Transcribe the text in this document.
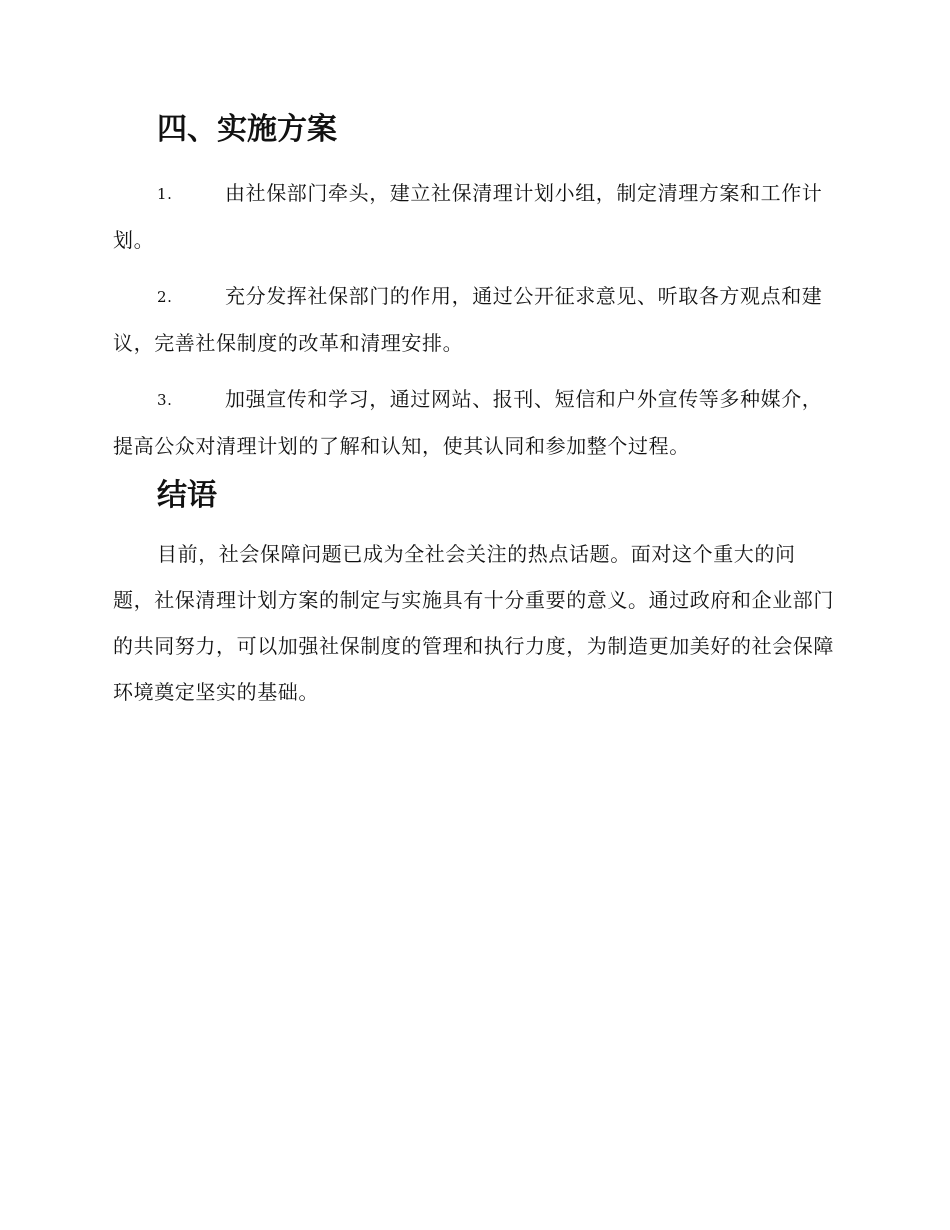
四、实施方案

1.	由社保部门牵头，建立社保清理计划小组，制定清理方案和工作计划。

2.	充分发挥社保部门的作用，通过公开征求意见、听取各方观点和建议，完善社保制度的改革和清理安排。

3.	加强宣传和学习，通过网站、报刊、短信和户外宣传等多种媒介，提高公众对清理计划的了解和认知，使其认同和参加整个过程。

结语

目前，社会保障问题已成为全社会关注的热点话题。面对这个重大的问题，社保清理计划方案的制定与实施具有十分重要的意义。通过政府和企业部门的共同努力，可以加强社保制度的管理和执行力度，为制造更加美好的社会保障环境奠定坚实的基础。
